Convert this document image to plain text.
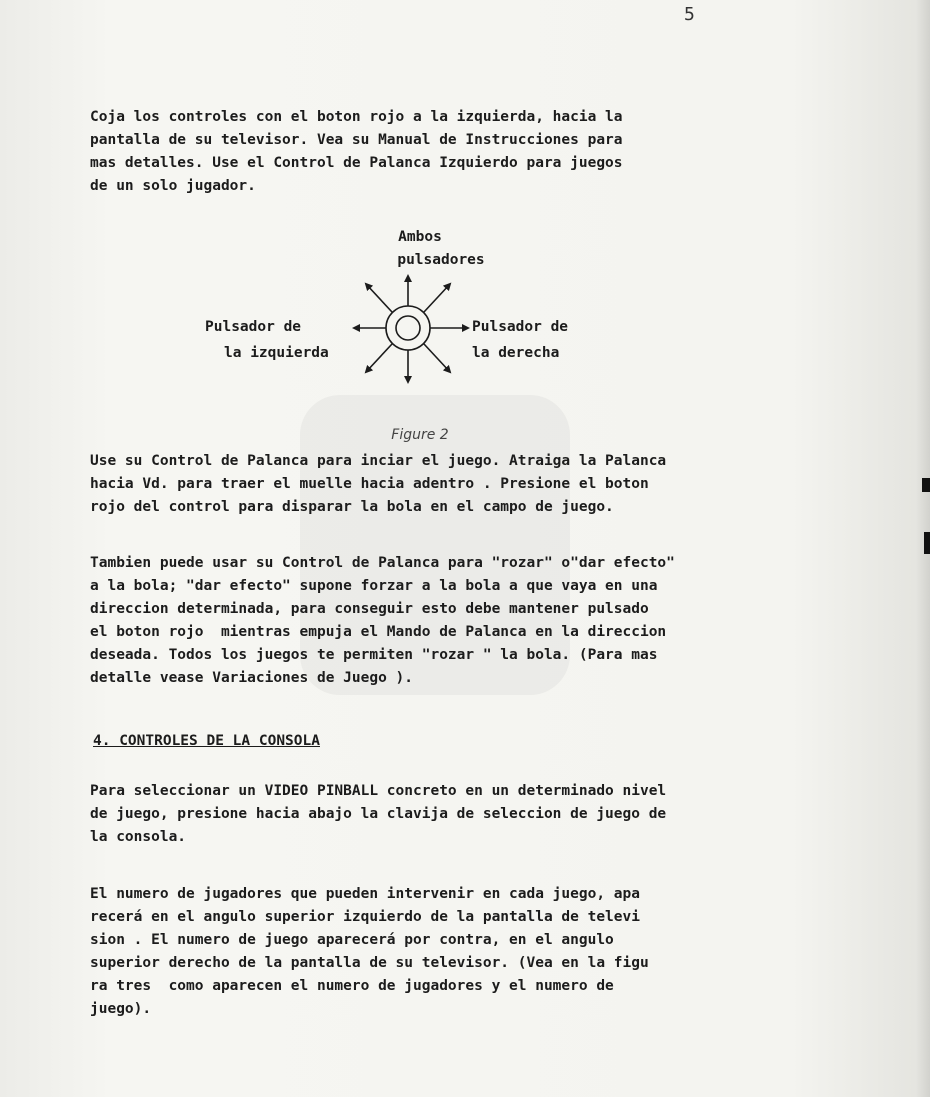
5
Coja los controles con el boton rojo a la izquierda, hacia la
pantalla de su televisor. Vea su Manual de Instrucciones para
mas detalles. Use el Control de Palanca Izquierdo para juegos
de un solo jugador.
Ambos
pulsadores
Pulsador de
la izquierda
Pulsador de
la derecha
Figure 2
Use su Control de Palanca para inciar el juego. Atraiga la Palanca
hacia Vd. para traer el muelle hacia adentro . Presione el boton
rojo del control para disparar la bola en el campo de juego.
Tambien puede usar su Control de Palanca para "rozar" o"dar efecto"
a la bola; "dar efecto" supone forzar a la bola a que vaya en una
direccion determinada, para conseguir esto debe mantener pulsado
el boton rojo  mientras empuja el Mando de Palanca en la direccion
deseada. Todos los juegos te permiten "rozar " la bola. (Para mas
detalle vease Variaciones de Juego ).
4. CONTROLES DE LA CONSOLA
Para seleccionar un VIDEO PINBALL concreto en un determinado nivel
de juego, presione hacia abajo la clavija de seleccion de juego de
la consola.
El numero de jugadores que pueden intervenir en cada juego, apa
recerá en el angulo superior izquierdo de la pantalla de televi
sion . El numero de juego aparecerá por contra, en el angulo
superior derecho de la pantalla de su televisor. (Vea en la figu
ra tres  como aparecen el numero de jugadores y el numero de
juego).
